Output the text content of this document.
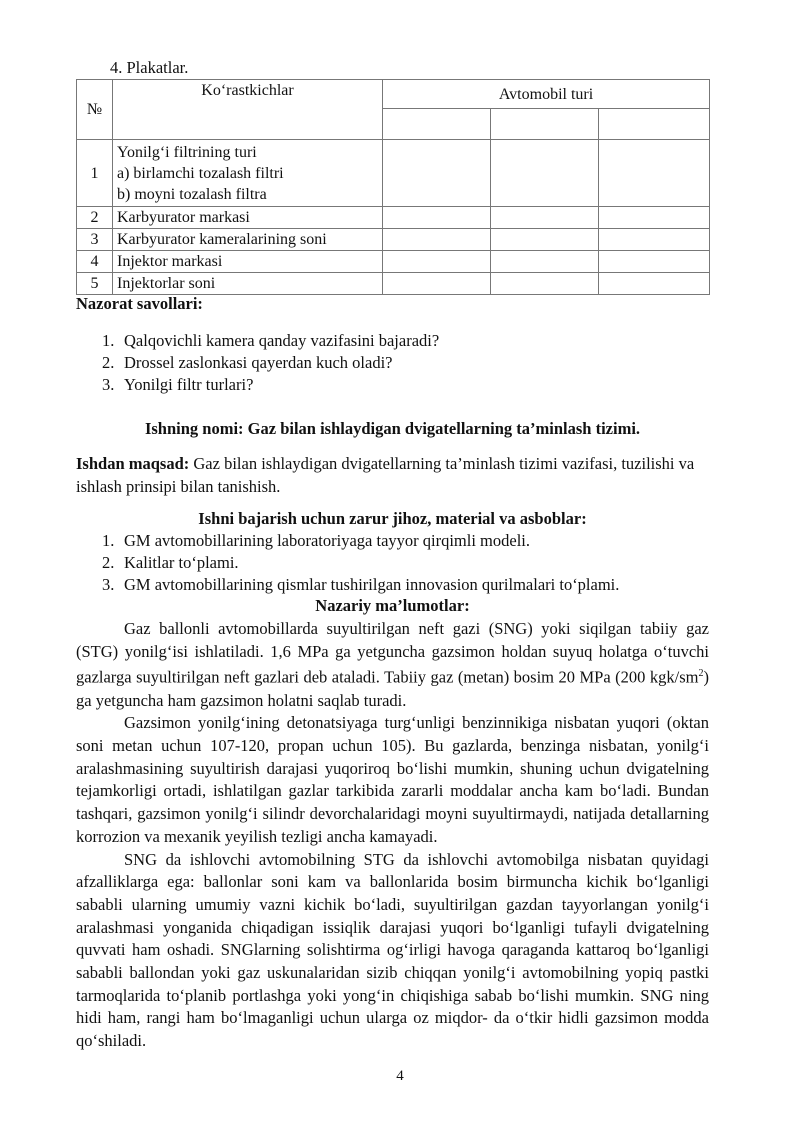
4. Plakatlar.
№	Ko‘rastkichlar	Avtomobil turi		

1	Yonilg‘i filtrining turi
a) birlamchi tozalash filtri
b) moyni tozalash filtra			

2	Karbyurator markasi			
3	Karbyurator kameralarining soni			
4	Injektor markasi			
5	Injektorlar soni			
Nazorat savollari:
1. Qalqovichli kamera qanday vazifasini bajaradi?
2. Drossel zaslonkasi qayerdan kuch oladi?
3. Yonilgi filtr turlari?
Ishning nomi: Gaz bilan ishlaydigan dvigatellarning ta’minlash tizimi.
Ishdan maqsad: Gaz bilan ishlaydigan dvigatellarning ta’minlash tizimi vazifasi, tuzilishi va ishlash prinsipi bilan tanishish.
Ishni bajarish uchun zarur jihoz, material va asboblar:
1. GM avtomobillarining laboratoriyaga tayyor qirqimli modeli.
2. Kalitlar to‘plami.
3. GM avtomobillarining qismlar tushirilgan innovasion qurilmalari to‘plami.
Nazariy ma’lumotlar:

Gaz ballonli avtomobillarda suyultirilgan neft gazi (SNG) yoki siqilgan tabiiy gaz (STG) yonilg‘isi ishlatiladi. 1,6 MPa ga yetguncha gazsimon holdan suyuq holatga o‘tuvchi gazlarga suyultirilgan neft gazlari deb ataladi. Tabiiy gaz (metan) bosim 20 MPa (200 kgk/$sm^2$) ga yetguncha ham gazsimon holatni saqlab turadi.

Gazsimon yonilg‘ining detonatsiyaga turg‘unligi benzinnikiga nisbatan yuqori (oktan soni metan uchun 107-120, propan uchun 105). Bu gazlarda, benzinga nisbatan, yonilg‘i aralashmasining suyultirish darajasi yuqoriroq bo‘lishi mumkin, shuning uchun dvigatelning tejamkorligi ortadi, ishlatilgan gazlar tarkibida zararli moddalar ancha kam bo‘ladi. Bundan tashqari, gazsimon yonilg‘i silindr devorchalaridagi moyni suyultirmaydi, natijada detallarning korrozion va mexanik yeyilish tezligi ancha kamayadi.

SNG da ishlovchi avtomobilning STG da ishlovchi avtomobilga nisbatan quyidagi afzalliklarga ega: ballonlar soni kam va ballonlarida bosim birmuncha kichik bo‘lganligi sababli ularning umumiy vazni kichik bo‘ladi, suyultirilgan gazdan tayyorlangan yonilg‘i aralashmasi yonganida chiqadigan issiqlik darajasi yuqori bo‘lganligi tufayli dvigatelning quvvati ham oshadi. SNGlarning solishtirma og‘irligi havoga qaraganda kattaroq bo‘lganligi sababli ballondan yoki gaz uskunalaridan sizib chiqqan yonilg‘i avtomobilning yopiq pastki tarmoqlarida to‘planib portlashga yoki yong‘in chiqishiga sabab bo‘lishi mumkin. SNG ning hidi ham, rangi ham bo‘lmaganligi uchun ularga oz miqdor- da o‘tkir hidli gazsimon modda qo‘shiladi.

4
